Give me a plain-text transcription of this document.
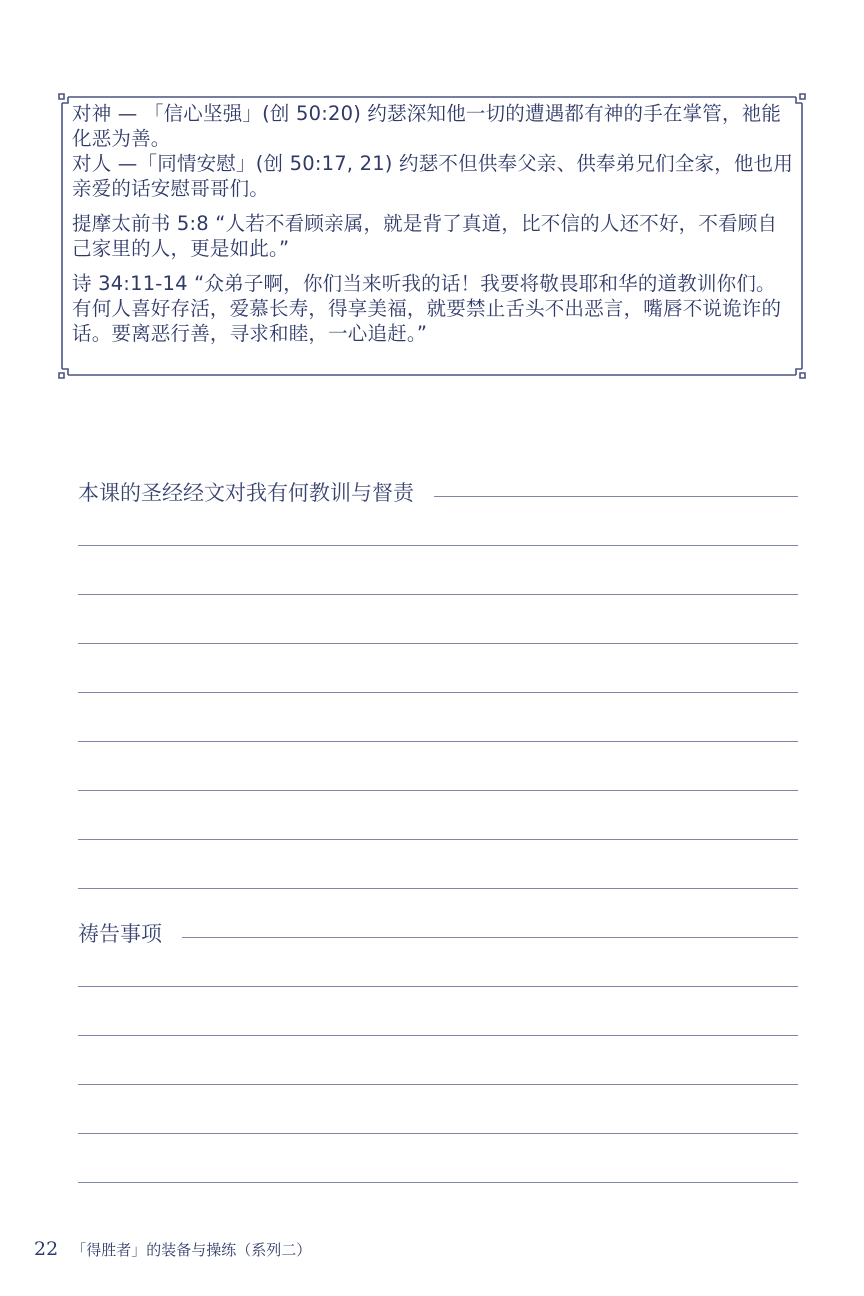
对神 — 「信心坚强」(创 50:20) 约瑟深知他一切的遭遇都有神的手在掌管，祂能化恶为善。

对人 —「同情安慰」(创 50:17, 21) 约瑟不但供奉父亲、供奉弟兄们全家，他也用亲爱的话安慰哥哥们。

提摩太前书 5:8 “人若不看顾亲属，就是背了真道，比不信的人还不好，不看顾自己家里的人，更是如此。”

诗 34:11-14 “众弟子啊，你们当来听我的话！我要将敬畏耶和华的道教训你们。有何人喜好存活，爱慕长寿，得享美福，就要禁止舌头不出恶言，嘴唇不说诡诈的话。要离恶行善，寻求和睦，一心追赶。”

本课的圣经经文对我有何教训与督责
祷告事项
22 「得胜者」的装备与操练（系列二）
